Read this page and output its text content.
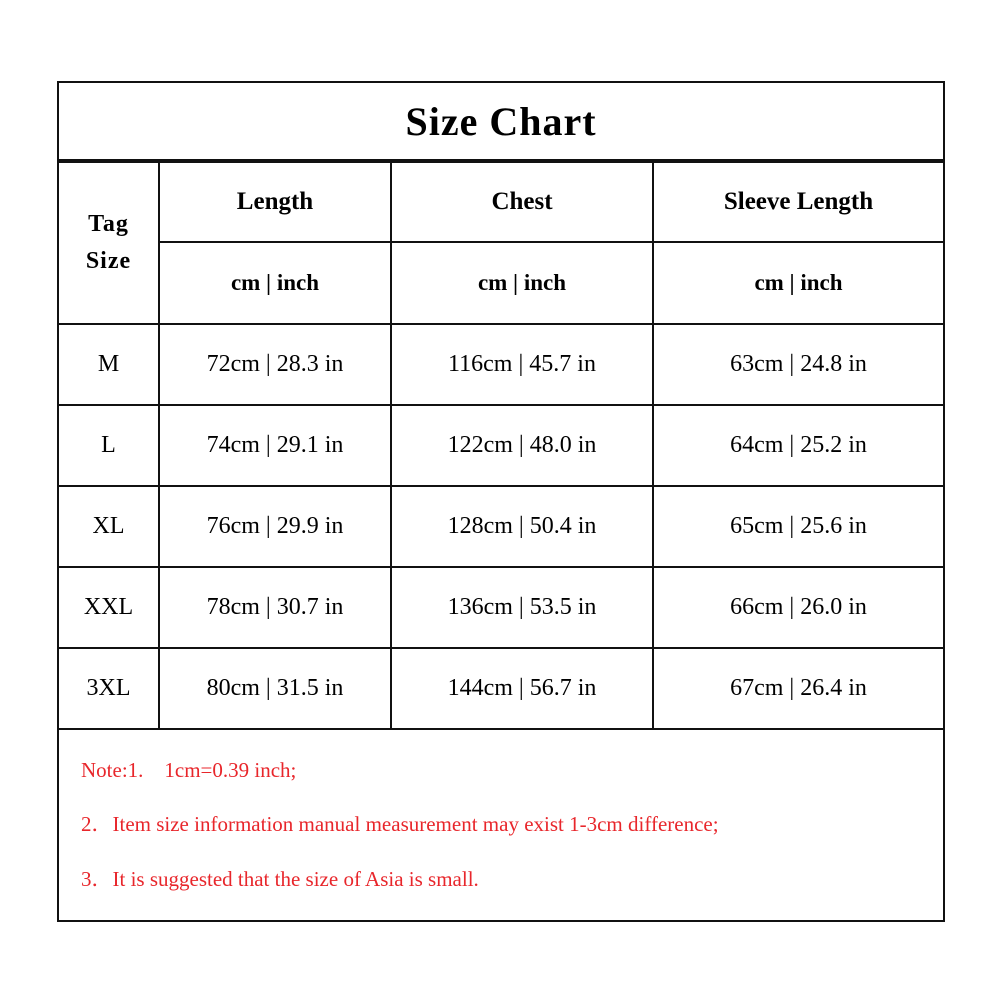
Size Chart
Tag
Size	Length	Chest	Sleeve Length
	cm | inch	cm | inch	cm | inch
M	72cm | 28.3 in	116cm | 45.7 in	63cm | 24.8 in
L	74cm | 29.1 in	122cm | 48.0 in	64cm | 25.2 in
XL	76cm | 29.9 in	128cm | 50.4 in	65cm | 25.6 in
XXL	78cm | 30.7 in	136cm | 53.5 in	66cm | 26.0 in
3XL	80cm | 31.5 in	144cm | 56.7 in	67cm | 26.4 in
Note:1.    1cm=0.39 inch;
2．Item size information manual measurement may exist 1-3cm difference;
3．It is suggested that the size of Asia is small.
